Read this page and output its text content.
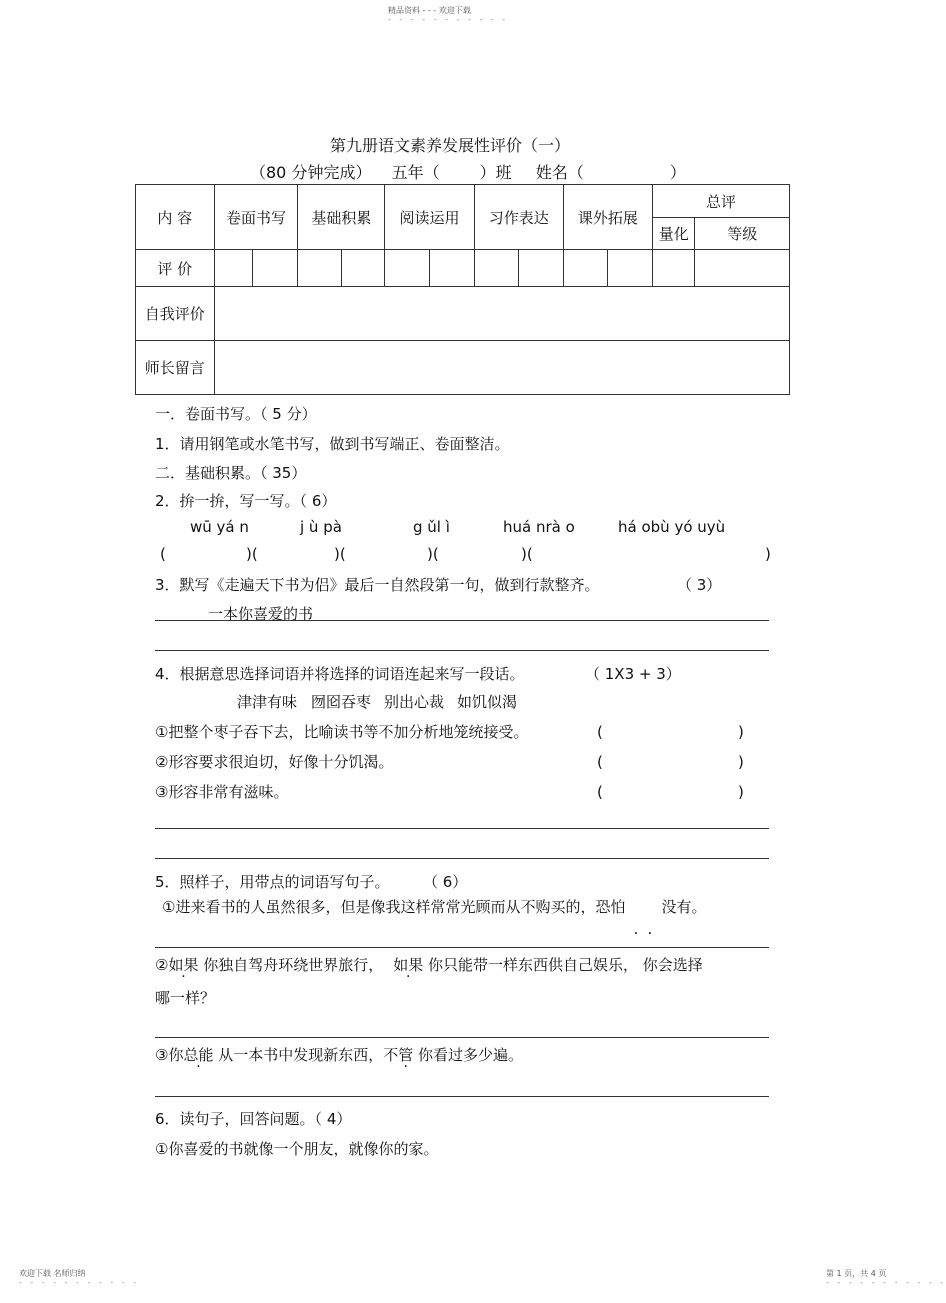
精品资料 - - - 欢迎下载
- - - - - - - - - - -
第九册语文素养发展性评价（一）
（80 分钟完成） 五年（	）班 姓名（	）
内 容	卷面书写		基础积累		阅读运用		习作表达		课外拓展		总评	
											量化	等级
评 价												
自我评价												
师长留言												
一．卷面书写。（ 5 分）
1．请用钢笔或水笔书写，做到书写端正、卷面整洁。
二．基础积累。（ 35）
2．拚一拚，写一写。（ 6）
wū yá n	j ù pà	g ǔl ì	huá nrà o	há obù yó uyù
(	)(	)(	)(	)(	)
3．默写《走遍天下书为侣》最后一自然段第一句，做到行款整齐。	（ 3）
一本你喜爱的书
4．根据意思选择词语并将选择的词语连起来写一段话。	（ 1X3 + 3）
津津有味 囫囵吞枣 别出心裁 如饥似渴
①把整个枣子吞下去，比喻读书等不加分析地笼统接受。	(	)
②形容要求很迫切，好像十分饥渴。	(	)
③形容非常有滋味。	(	)
5．照样子，用带点的词语写句子。 （ 6）
①进来看书的人虽然很多，但是像我这样常常光顾而从不购买的，恐怕
. .
没有。
②如果 你独自驾舟环绕世界旅行， 如果 你只能带一样东西供自己娱乐， 你会选择
哪一样？
③你总能 从一本书中发现新东西，不管 你看过多少遍。
6．读句子，回答问题。（ 4）
①你喜爱的书就像一个朋友，就像你的家。
欢迎下载 名师归纳
- - - - - - - - - - -
第 1 页，共 4 页
- - - - - - - - - - -
